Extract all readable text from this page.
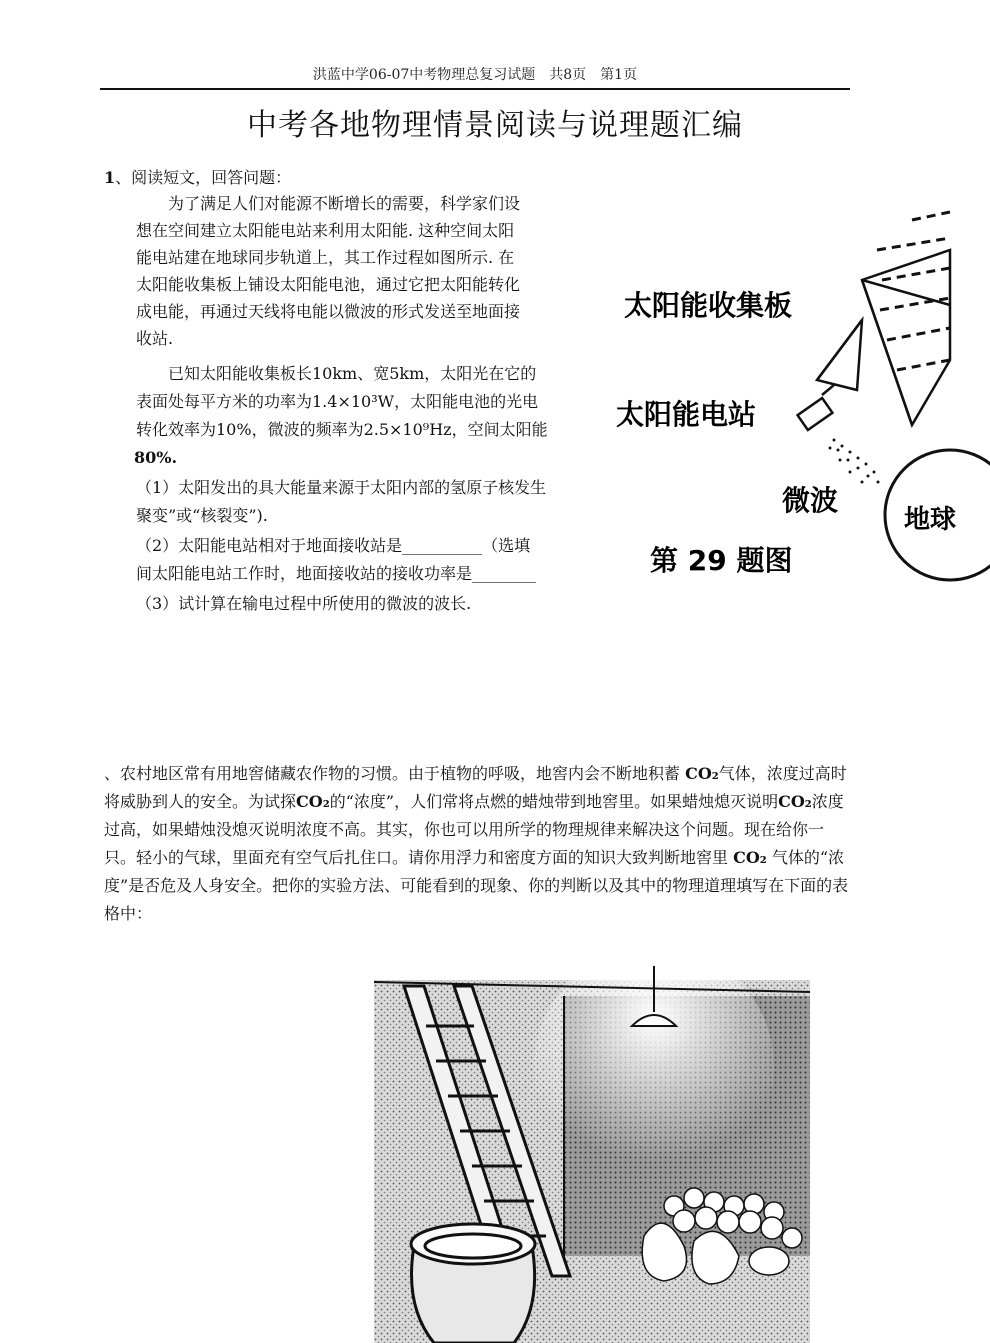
洪蓝中学06-07中考物理总复习试题　共8页　第1页
中考各地物理情景阅读与说理题汇编
1、阅读短文，回答问题：
为了满足人们对能源不断增长的需要，科学家们设
想在空间建立太阳能电站来利用太阳能. 这种空间太阳
能电站建在地球同步轨道上，其工作过程如图所示. 在
太阳能收集板上铺设太阳能电池，通过它把太阳能转化
成电能，再通过天线将电能以微波的形式发送至地面接
收站.
已知太阳能收集板长10km、宽5km，太阳光在它的
表面处每平方米的功率为1.4×10³W，太阳能电池的光电
转化效率为10%，微波的频率为2.5×10⁹Hz，空间太阳能
80%.
（1）太阳发出的具大能量来源于太阳内部的氢原子核发生
聚变”或“核裂变”).
（2）太阳能电站相对于地面接收站是__________（选填
间太阳能电站工作时，地面接收站的接收功率是________
（3）试计算在输电过程中所使用的微波的波长.
太阳能收集板
太阳能电站
微波
地球
第 29 题图
、农村地区常有用地窖储藏农作物的习惯。由于植物的呼吸，地窖内会不断地积蓄 CO₂气体，浓度过高时将威胁到人的安全。为试探CO₂的“浓度”，人们常将点燃的蜡烛带到地窖里。如果蜡烛熄灭说明CO₂浓度过高，如果蜡烛没熄灭说明浓度不高。其实，你也可以用所学的物理规律来解决这个问题。现在给你一只。轻小的气球，里面充有空气后扎住口。请你用浮力和密度方面的知识大致判断地窖里 CO₂ 气体的“浓度”是否危及人身安全。把你的实验方法、可能看到的现象、你的判断以及其中的物理道理填写在下面的表格中：
